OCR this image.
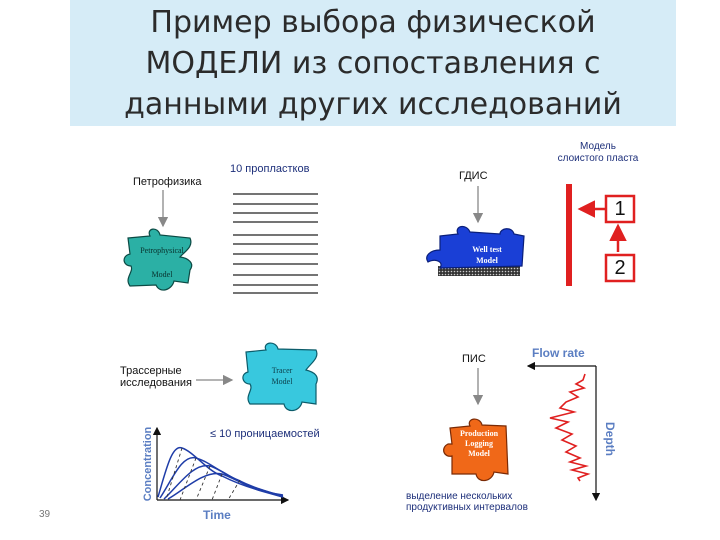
Пример выбора физической
МОДЕЛИ из сопоставления с
данными других исследований
Петрофизика
10 пропластков
Petrophysical
Model
ГДИС
Well test
Model
Модель
слоистого пласта
1
2
Трассерные
исследования
Tracer
Model
≤ 10 проницаемостей
Concentration
Time
ПИС
Production
Logging
Model
Flow rate
Depth
выделение нескольких
продуктивных интервалов
39
